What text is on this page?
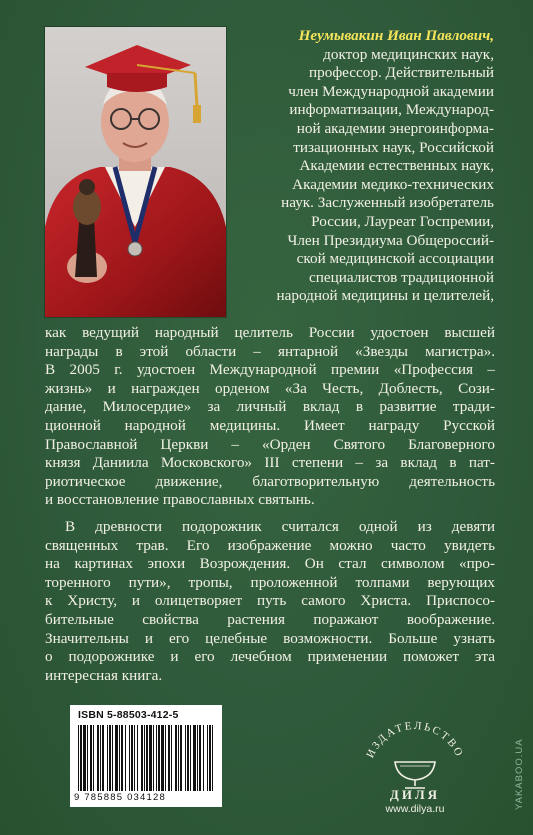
Неумывакин Иван Павлович,
доктор медицинских наук,
профессор. Действительный
член Международной академии
информатизации, Международ-
ной академии энергоинформа-
тизационных наук, Российской
Академии естественных наук,
Академии медико-технических
наук. Заслуженный изобретатель
России, Лауреат Госпремии,
Член Президиума Общероссий-
ской медицинской ассоциации
специалистов традиционной
народной медицины и целителей,

как ведущий народный целитель России удостоен высшей
награды в этой области – янтарной «Звезды магистра».
В 2005 г. удостоен Международной премии «Профессия –
жизнь» и награжден орденом «За Честь, Доблесть, Сози-
дание, Милосердие» за личный вклад в развитие тради-
ционной народной медицины. Имеет награду Русской
Православной Церкви – «Орден Святого Благоверного
князя Даниила Московского» III степени – за вклад в пат-
риотическое движение, благотворительную деятельность
и восстановление православных святынь.

В древности подорожник считался одной из девяти
священных трав. Его изображение можно часто увидеть
на картинах эпохи Возрождения. Он стал символом «про-
торенного пути», тропы, проложенной толпами верующих
к Христу, и олицетворяет путь самого Христа. Приспосо-
бительные свойства растения поражают воображение.
Значительны и его целебные возможности. Больше узнать
о подорожнике и его лечебном применении поможет эта
интересная книга.

ISBN 5-88503-412-5
9 785885 034128
ИЗДАТЕЛЬСТВО
ДИЛЯ
www.dilya.ru	YAKABOO.UA
